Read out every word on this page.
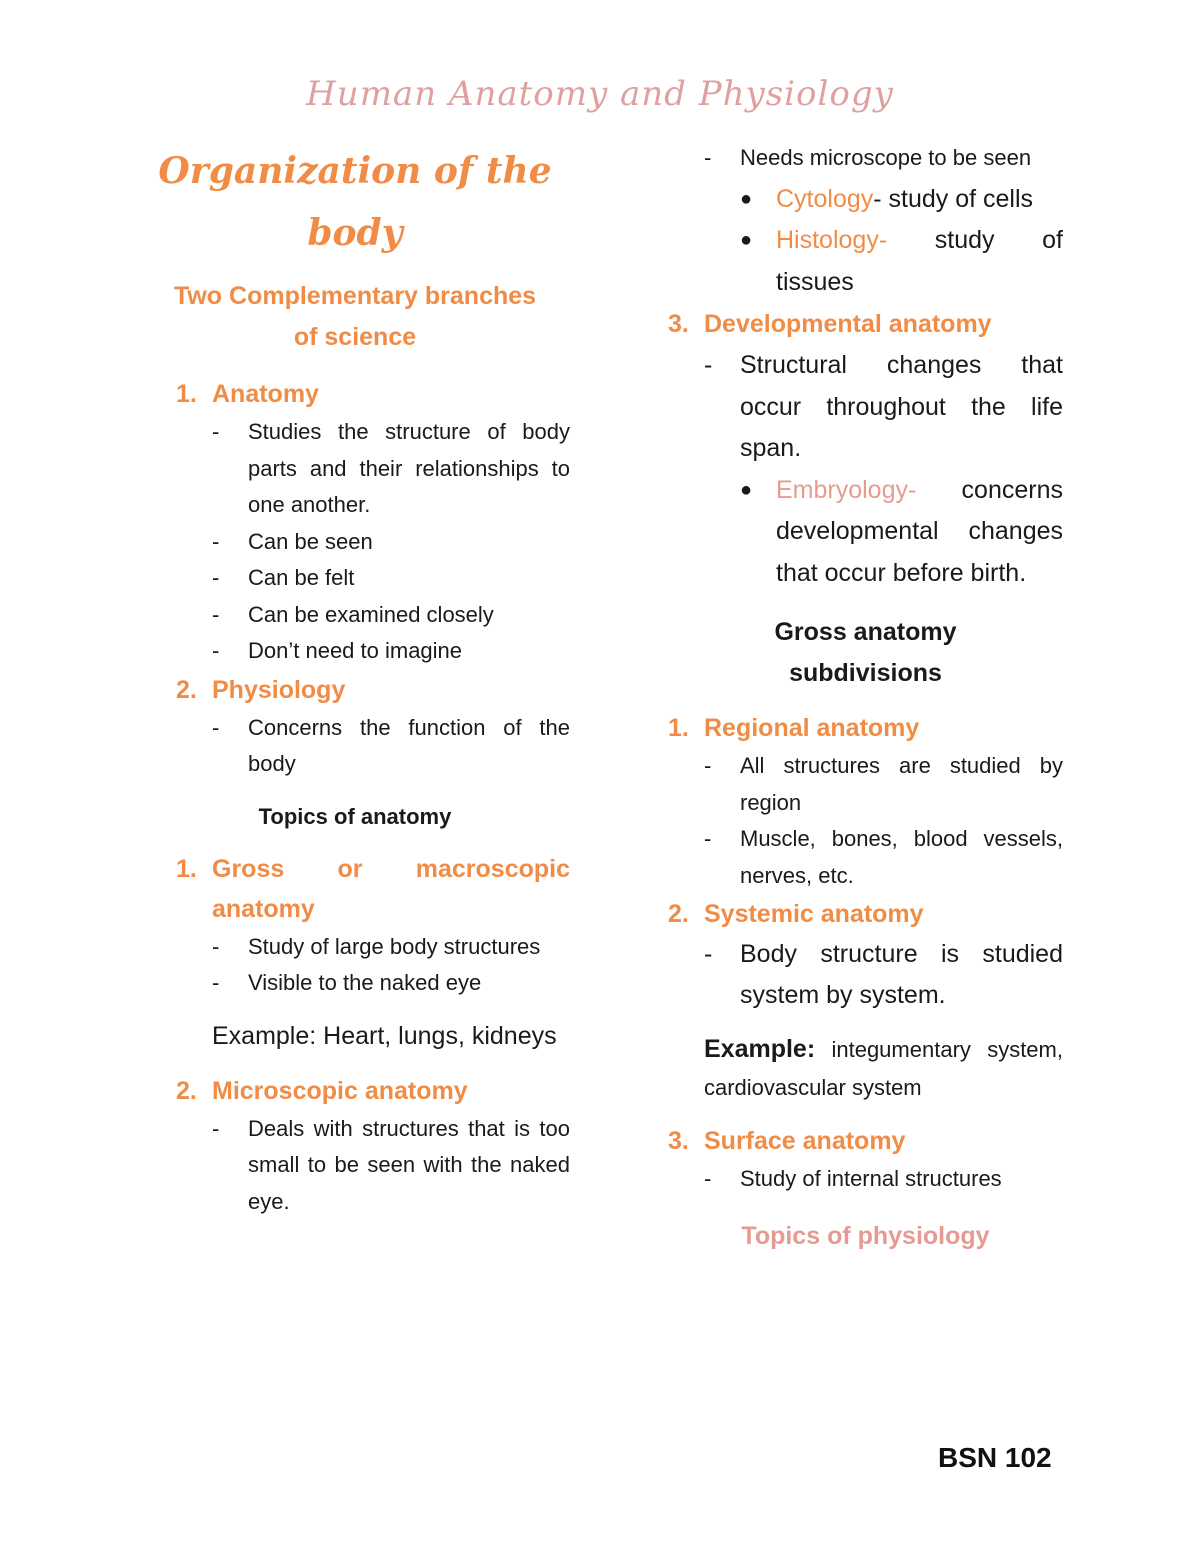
Human Anatomy and Physiology
Organization of the
body
Two Complementary branches
of science
1. Anatomy
-	Studies the structure of body parts and their relationships to one another.
-	Can be seen
-	Can be felt
-	Can be examined closely
-	Don’t need to imagine
2. Physiology
-	Concerns the function of the body
Topics of anatomy
1. Gross or macroscopic anatomy
-	Study of large body structures
-	Visible to the naked eye
Example: Heart, lungs, kidneys
2. Microscopic anatomy
-	Deals with structures that is too small to be seen with the naked eye.
-	Needs microscope to be seen
● Cytology- study of cells
● Histology- study of tissues
3. Developmental anatomy
-	Structural changes that occur throughout the life span.
● Embryology- concerns developmental changes that occur before birth.
Gross anatomy
subdivisions
1. Regional anatomy
-	All structures are studied by region
-	Muscle, bones, blood vessels, nerves, etc.
2. Systemic anatomy
-	Body structure is studied system by system.
Example: integumentary system, cardiovascular system
3. Surface anatomy
-	Study of internal structures
Topics of physiology
BSN 102
